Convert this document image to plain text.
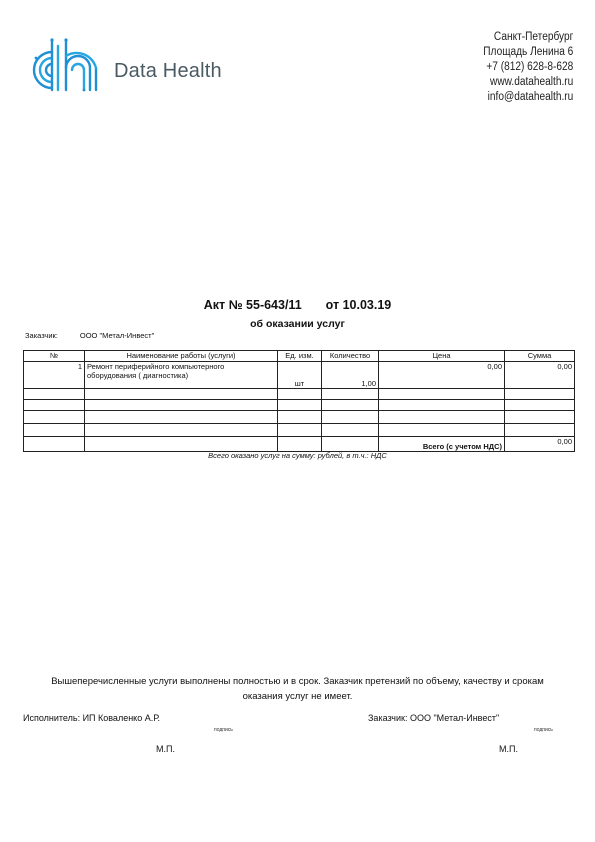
Data Health
Санкт-Петербург
Площадь Ленина 6
+7 (812) 628-8-628
www.datahealth.ru
info@datahealth.ru
Акт № 55-643/11 от 10.03.19
об оказании услуг
Заказчик:	ООО "Метал-Инвест"
№	Наименование работы (услуги)	Ед. изм.	Количество	Цена	Сумма
1	Ремонт периферийного компьютерного оборудования ( диагностика)	шт	1,00	0,00	0,00

				Всего (с учетом НДС)	0,00
Всего оказано услуг на сумму: рублей, в т.ч.: НДС
Вышеперечисленные услуги выполнены полностью и в срок. Заказчик претензий по объему, качеству и срокам оказания услуг не имеет.
Исполнитель: ИП Коваленко А.Р.	Заказчик: ООО "Метал-Инвест"
подпись	подпись
М.П.	М.П.
